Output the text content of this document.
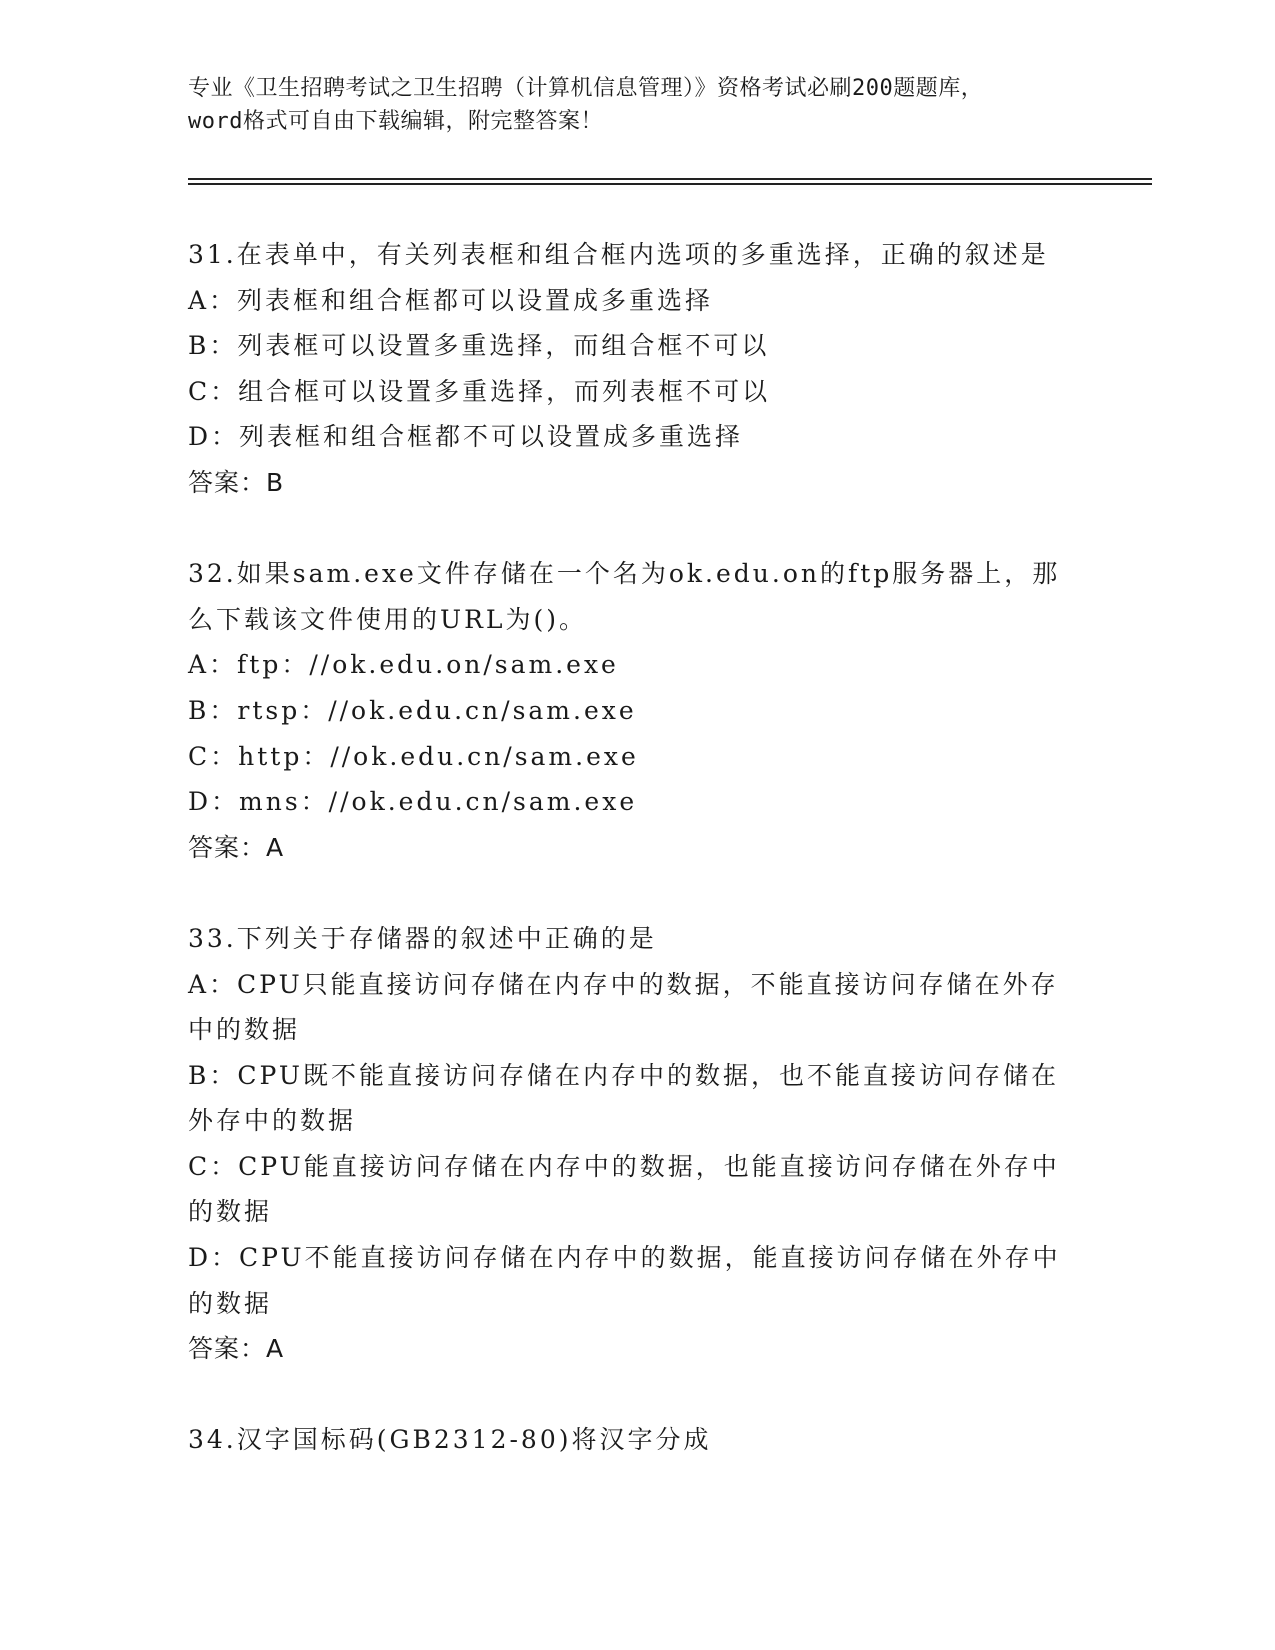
专业《卫生招聘考试之卫生招聘（计算机信息管理）》资格考试必刷200题题库，
word格式可自由下载编辑，附完整答案！
31.在表单中，有关列表框和组合框内选项的多重选择，正确的叙述是
A：列表框和组合框都可以设置成多重选择
B：列表框可以设置多重选择，而组合框不可以
C：组合框可以设置多重选择，而列表框不可以
D：列表框和组合框都不可以设置成多重选择
答案：B
32.如果sam.exe文件存储在一个名为ok.edu.on的ftp服务器上，那
么下载该文件使用的URL为()。
A：ftp：//ok.edu.on/sam.exe
B：rtsp：//ok.edu.cn/sam.exe
C：http：//ok.edu.cn/sam.exe
D：mns：//ok.edu.cn/sam.exe
答案：A
33.下列关于存储器的叙述中正确的是
A：CPU只能直接访问存储在内存中的数据，不能直接访问存储在外存
中的数据
B：CPU既不能直接访问存储在内存中的数据，也不能直接访问存储在
外存中的数据
C：CPU能直接访问存储在内存中的数据，也能直接访问存储在外存中
的数据
D：CPU不能直接访问存储在内存中的数据，能直接访问存储在外存中
的数据
答案：A
34.汉字国标码(GB2312-80)将汉字分成
